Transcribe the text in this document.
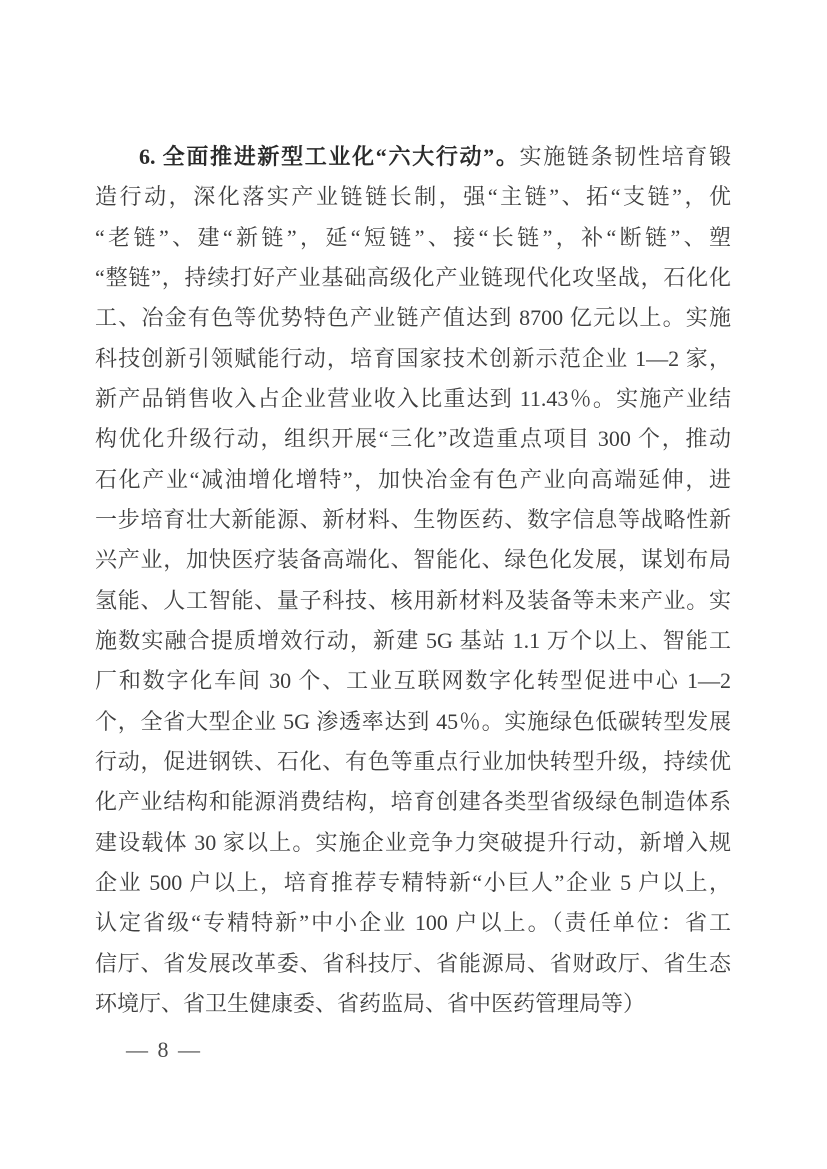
6. 全面推进新型工业化“六大行动”。实施链条韧性培育锻
造行动，深化落实产业链链长制，强“主链”、拓“支链”，优
“老链”、建“新链”，延“短链”、接“长链”，补“断链”、塑
“整链”，持续打好产业基础高级化产业链现代化攻坚战，石化化
工、冶金有色等优势特色产业链产值达到 8700 亿元以上。实施
科技创新引领赋能行动，培育国家技术创新示范企业 1—2 家，
新产品销售收入占企业营业收入比重达到 11.43％。实施产业结
构优化升级行动，组织开展“三化”改造重点项目 300 个，推动
石化产业“减油增化增特”，加快冶金有色产业向高端延伸，进
一步培育壮大新能源、新材料、生物医药、数字信息等战略性新
兴产业，加快医疗装备高端化、智能化、绿色化发展，谋划布局
氢能、人工智能、量子科技、核用新材料及装备等未来产业。实
施数实融合提质增效行动，新建 5G 基站 1.1 万个以上、智能工
厂和数字化车间 30 个、工业互联网数字化转型促进中心 1—2
个，全省大型企业 5G 渗透率达到 45％。实施绿色低碳转型发展
行动，促进钢铁、石化、有色等重点行业加快转型升级，持续优
化产业结构和能源消费结构，培育创建各类型省级绿色制造体系
建设载体 30 家以上。实施企业竞争力突破提升行动，新增入规
企业 500 户以上，培育推荐专精特新“小巨人”企业 5 户以上，
认定省级“专精特新”中小企业 100 户以上。（责任单位：省工
信厅、省发展改革委、省科技厅、省能源局、省财政厅、省生态
环境厅、省卫生健康委、省药监局、省中医药管理局等）
— 8 —
